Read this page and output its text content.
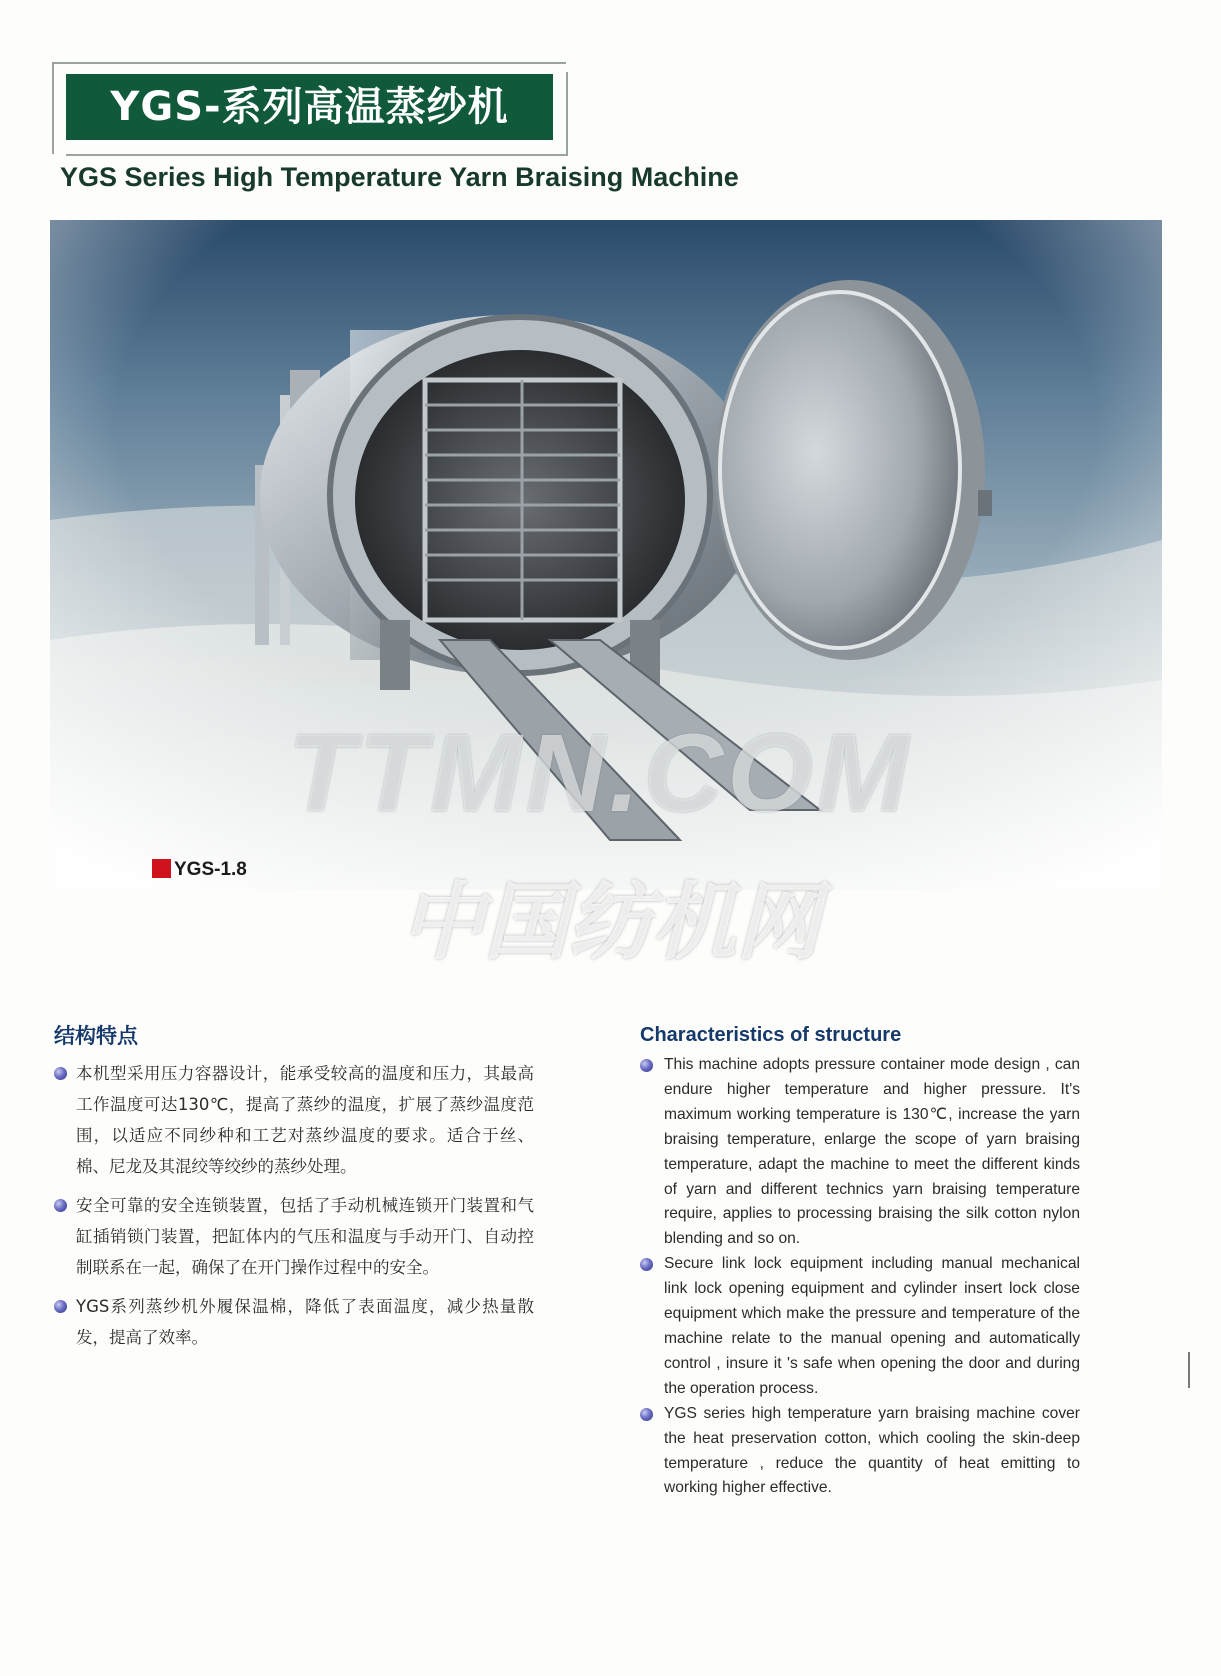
YGS-系列高温蒸纱机
YGS Series High Temperature Yarn Braising Machine
TTMN.COM
中国纺机网
YGS-1.8
结构特点
本机型采用压力容器设计，能承受较高的温度和压力，其最高工作温度可达130℃，提高了蒸纱的温度，扩展了蒸纱温度范围，以适应不同纱种和工艺对蒸纱温度的要求。适合于丝、棉、尼龙及其混绞等绞纱的蒸纱处理。
安全可靠的安全连锁装置，包括了手动机械连锁开门装置和气缸插销锁门装置，把缸体内的气压和温度与手动开门、自动控制联系在一起，确保了在开门操作过程中的安全。
YGS系列蒸纱机外履保温棉，降低了表面温度，减少热量散发，提高了效率。
Characteristics of structure
This machine adopts pressure container mode design , can endure higher temperature and higher pressure. It's maximum working temperature is 130℃, increase the yarn braising temperature, enlarge the scope of yarn braising temperature, adapt the machine to meet the different kinds of yarn and different technics yarn braising temperature require, applies to processing braising the silk cotton nylon blending and so on.
Secure link lock equipment including manual mechanical link lock opening equipment and cylinder insert lock close equipment which make the pressure and temperature of the machine relate to the manual opening and automatically control , insure it 's safe when opening the door and during the operation process.
YGS series high temperature yarn braising machine cover the heat preservation cotton, which cooling the skin-deep temperature , reduce the quantity of heat emitting to working higher effective.
